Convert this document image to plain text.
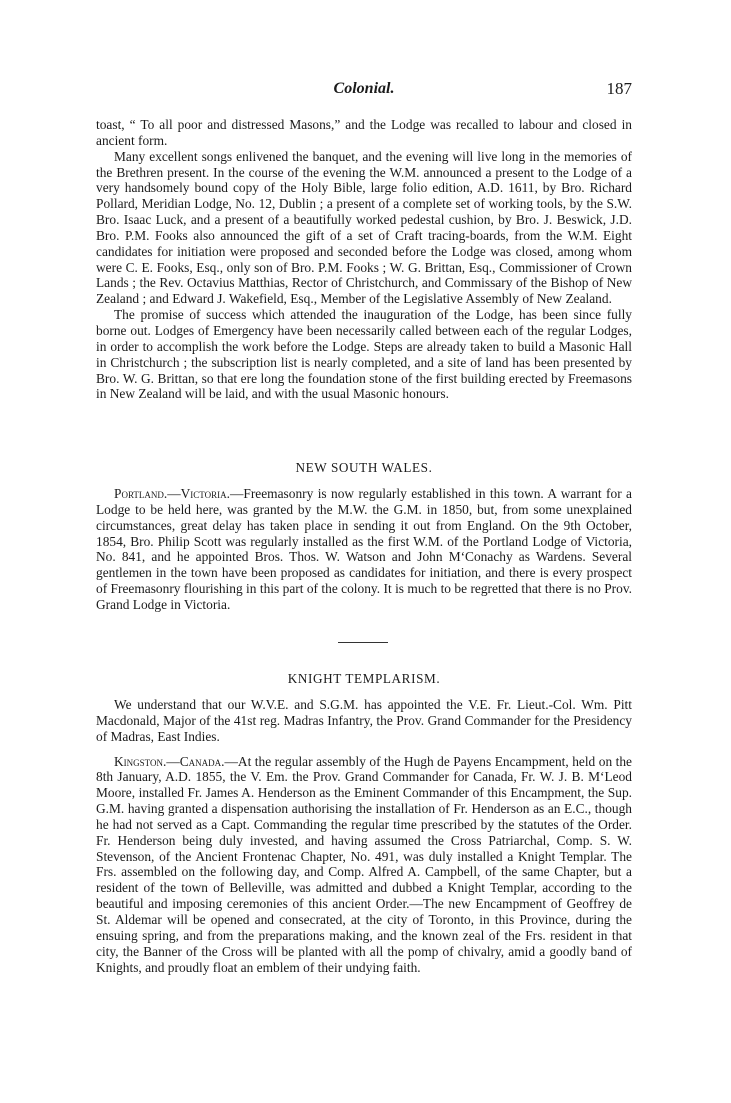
Colonial.	187

toast, “ To all poor and distressed Masons,” and the Lodge was recalled to labour and closed in ancient form.

Many excellent songs enlivened the banquet, and the evening will live long in the memories of the Brethren present. In the course of the evening the W.M. announced a present to the Lodge of a very handsomely bound copy of the Holy Bible, large folio edition, A.D. 1611, by Bro. Richard Pollard, Meridian Lodge, No. 12, Dublin ; a present of a complete set of working tools, by the S.W. Bro. Isaac Luck, and a present of a beautifully worked pedestal cushion, by Bro. J. Beswick, J.D. Bro. P.M. Fooks also announced the gift of a set of Craft tracing-boards, from the W.M. Eight candidates for initiation were proposed and seconded before the Lodge was closed, among whom were C. E. Fooks, Esq., only son of Bro. P.M. Fooks ; W. G. Brittan, Esq., Commissioner of Crown Lands ; the Rev. Octavius Matthias, Rector of Christchurch, and Commissary of the Bishop of New Zealand ; and Edward J. Wakefield, Esq., Member of the Legislative Assembly of New Zealand.

The promise of success which attended the inauguration of the Lodge, has been since fully borne out. Lodges of Emergency have been necessarily called between each of the regular Lodges, in order to accomplish the work before the Lodge. Steps are already taken to build a Masonic Hall in Christchurch ; the subscription list is nearly completed, and a site of land has been presented by Bro. W. G. Brittan, so that ere long the foundation stone of the first building erected by Freemasons in New Zealand will be laid, and with the usual Masonic honours.

NEW SOUTH WALES.

Portland.—Victoria.—Freemasonry is now regularly established in this town. A warrant for a Lodge to be held here, was granted by the M.W. the G.M. in 1850, but, from some unexplained circumstances, great delay has taken place in sending it out from England. On the 9th October, 1854, Bro. Philip Scott was regularly installed as the first W.M. of the Portland Lodge of Victoria, No. 841, and he appointed Bros. Thos. W. Watson and John M‘Conachy as Wardens. Several gentlemen in the town have been proposed as candidates for initiation, and there is every prospect of Freemasonry flourishing in this part of the colony. It is much to be regretted that there is no Prov. Grand Lodge in Victoria.

KNIGHT TEMPLARISM.

We understand that our W.V.E. and S.G.M. has appointed the V.E. Fr. Lieut.-Col. Wm. Pitt Macdonald, Major of the 41st reg. Madras Infantry, the Prov. Grand Commander for the Presidency of Madras, East Indies.

Kingston.—Canada.—At the regular assembly of the Hugh de Payens Encampment, held on the 8th January, A.D. 1855, the V. Em. the Prov. Grand Commander for Canada, Fr. W. J. B. M‘Leod Moore, installed Fr. James A. Henderson as the Eminent Commander of this Encampment, the Sup. G.M. having granted a dispensation authorising the installation of Fr. Henderson as an E.C., though he had not served as a Capt. Commanding the regular time prescribed by the statutes of the Order. Fr. Henderson being duly invested, and having assumed the Cross Patriarchal, Comp. S. W. Stevenson, of the Ancient Frontenac Chapter, No. 491, was duly installed a Knight Templar. The Frs. assembled on the following day, and Comp. Alfred A. Campbell, of the same Chapter, but a resident of the town of Belleville, was admitted and dubbed a Knight Templar, according to the beautiful and imposing ceremonies of this ancient Order.—The new Encampment of Geoffrey de St. Aldemar will be opened and consecrated, at the city of Toronto, in this Province, during the ensuing spring, and from the preparations making, and the known zeal of the Frs. resident in that city, the Banner of the Cross will be planted with all the pomp of chivalry, amid a goodly band of Knights, and proudly float an emblem of their undying faith.
